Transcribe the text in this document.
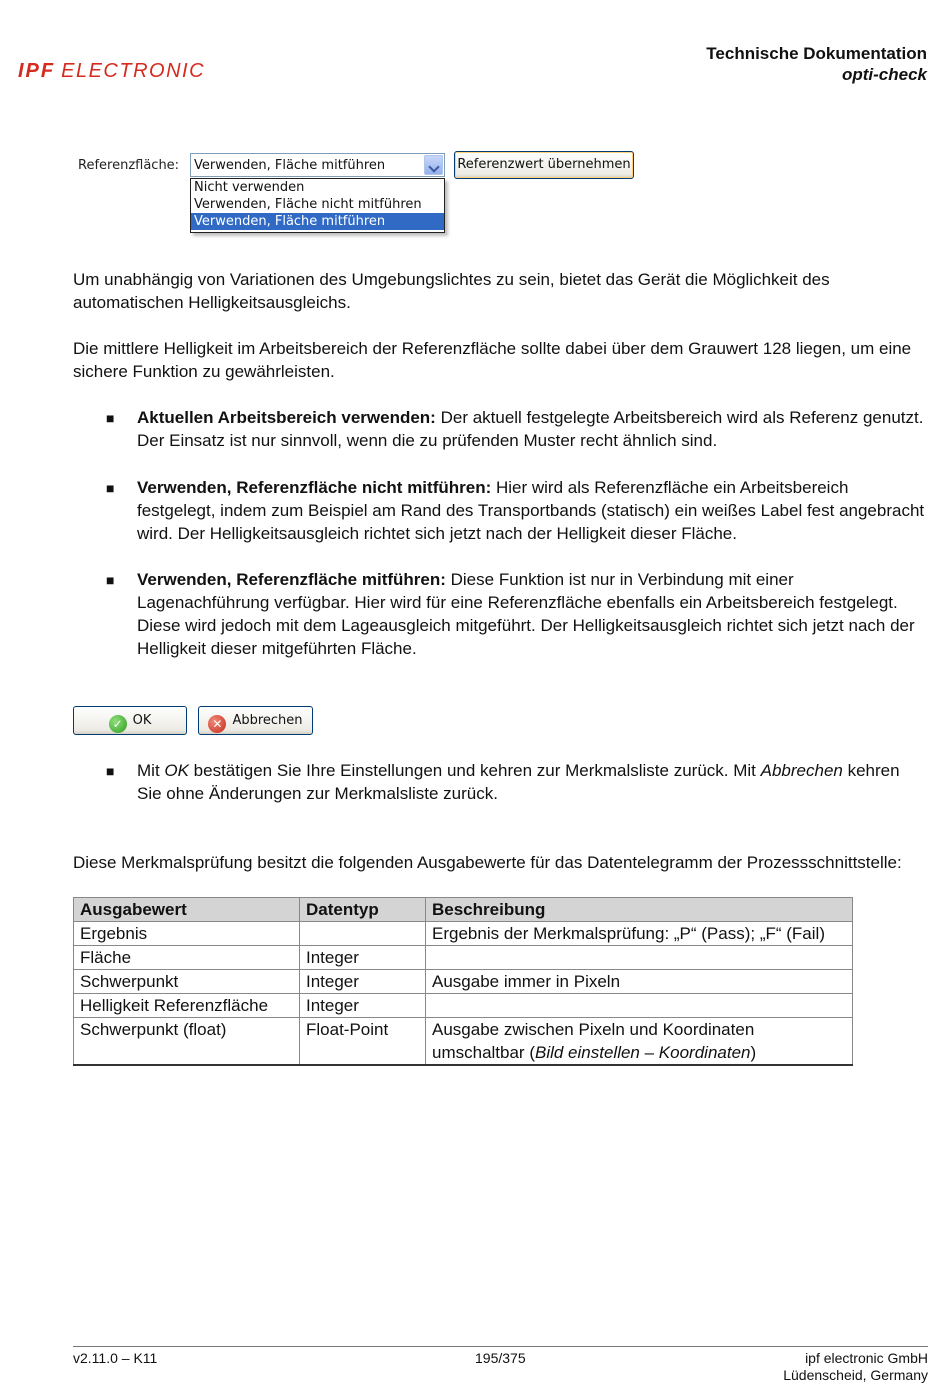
IPF ELECTRONIC
Technische Dokumentation
opti-check
Referenzfläche: Verwenden, Fläche mitführen
Nicht verwenden
Verwenden, Fläche nicht mitführen
Verwenden, Fläche mitführen
Referenzwert übernehmen
Um unabhängig von Variationen des Umgebungslichtes zu sein, bietet das Gerät die Möglichkeit des automatischen Helligkeitsausgleichs.
Die mittlere Helligkeit im Arbeitsbereich der Referenzfläche sollte dabei über dem Grauwert 128 liegen, um eine sichere Funktion zu gewährleisten.
■ Aktuellen Arbeitsbereich verwenden: Der aktuell festgelegte Arbeitsbereich wird als Referenz genutzt. Der Einsatz ist nur sinnvoll, wenn die zu prüfenden Muster recht ähnlich sind.
■ Verwenden, Referenzfläche nicht mitführen: Hier wird als Referenzfläche ein Arbeitsbereich festgelegt, indem zum Beispiel am Rand des Transportbands (statisch) ein weißes Label fest angebracht wird. Der Helligkeitsausgleich richtet sich jetzt nach der Helligkeit dieser Fläche.
■ Verwenden, Referenzfläche mitführen: Diese Funktion ist nur in Verbindung mit einer Lagenachführung verfügbar. Hier wird für eine Referenzfläche ebenfalls ein Arbeitsbereich festgelegt. Diese wird jedoch mit dem Lageausgleich mitgeführt. Der Helligkeitsausgleich richtet sich jetzt nach der Helligkeit dieser mitgeführten Fläche.
✓ OK	✕ Abbrechen
■ Mit OK bestätigen Sie Ihre Einstellungen und kehren zur Merkmalsliste zurück. Mit Abbrechen kehren Sie ohne Änderungen zur Merkmalsliste zurück.
Diese Merkmalsprüfung besitzt die folgenden Ausgabewerte für das Datentelegramm der Prozessschnittstelle:
Ausgabewert	Datentyp	Beschreibung
Ergebnis		Ergebnis der Merkmalsprüfung: „P“ (Pass); „F“ (Fail)
Fläche	Integer	
Schwerpunkt	Integer	Ausgabe immer in Pixeln
Helligkeit Referenzfläche	Integer	
Schwerpunkt (float)	Float-Point	Ausgabe zwischen Pixeln und Koordinaten umschaltbar (Bild einstellen – Koordinaten)
v2.11.0 – K11	195/375	ipf electronic GmbH
Lüdenscheid, Germany
